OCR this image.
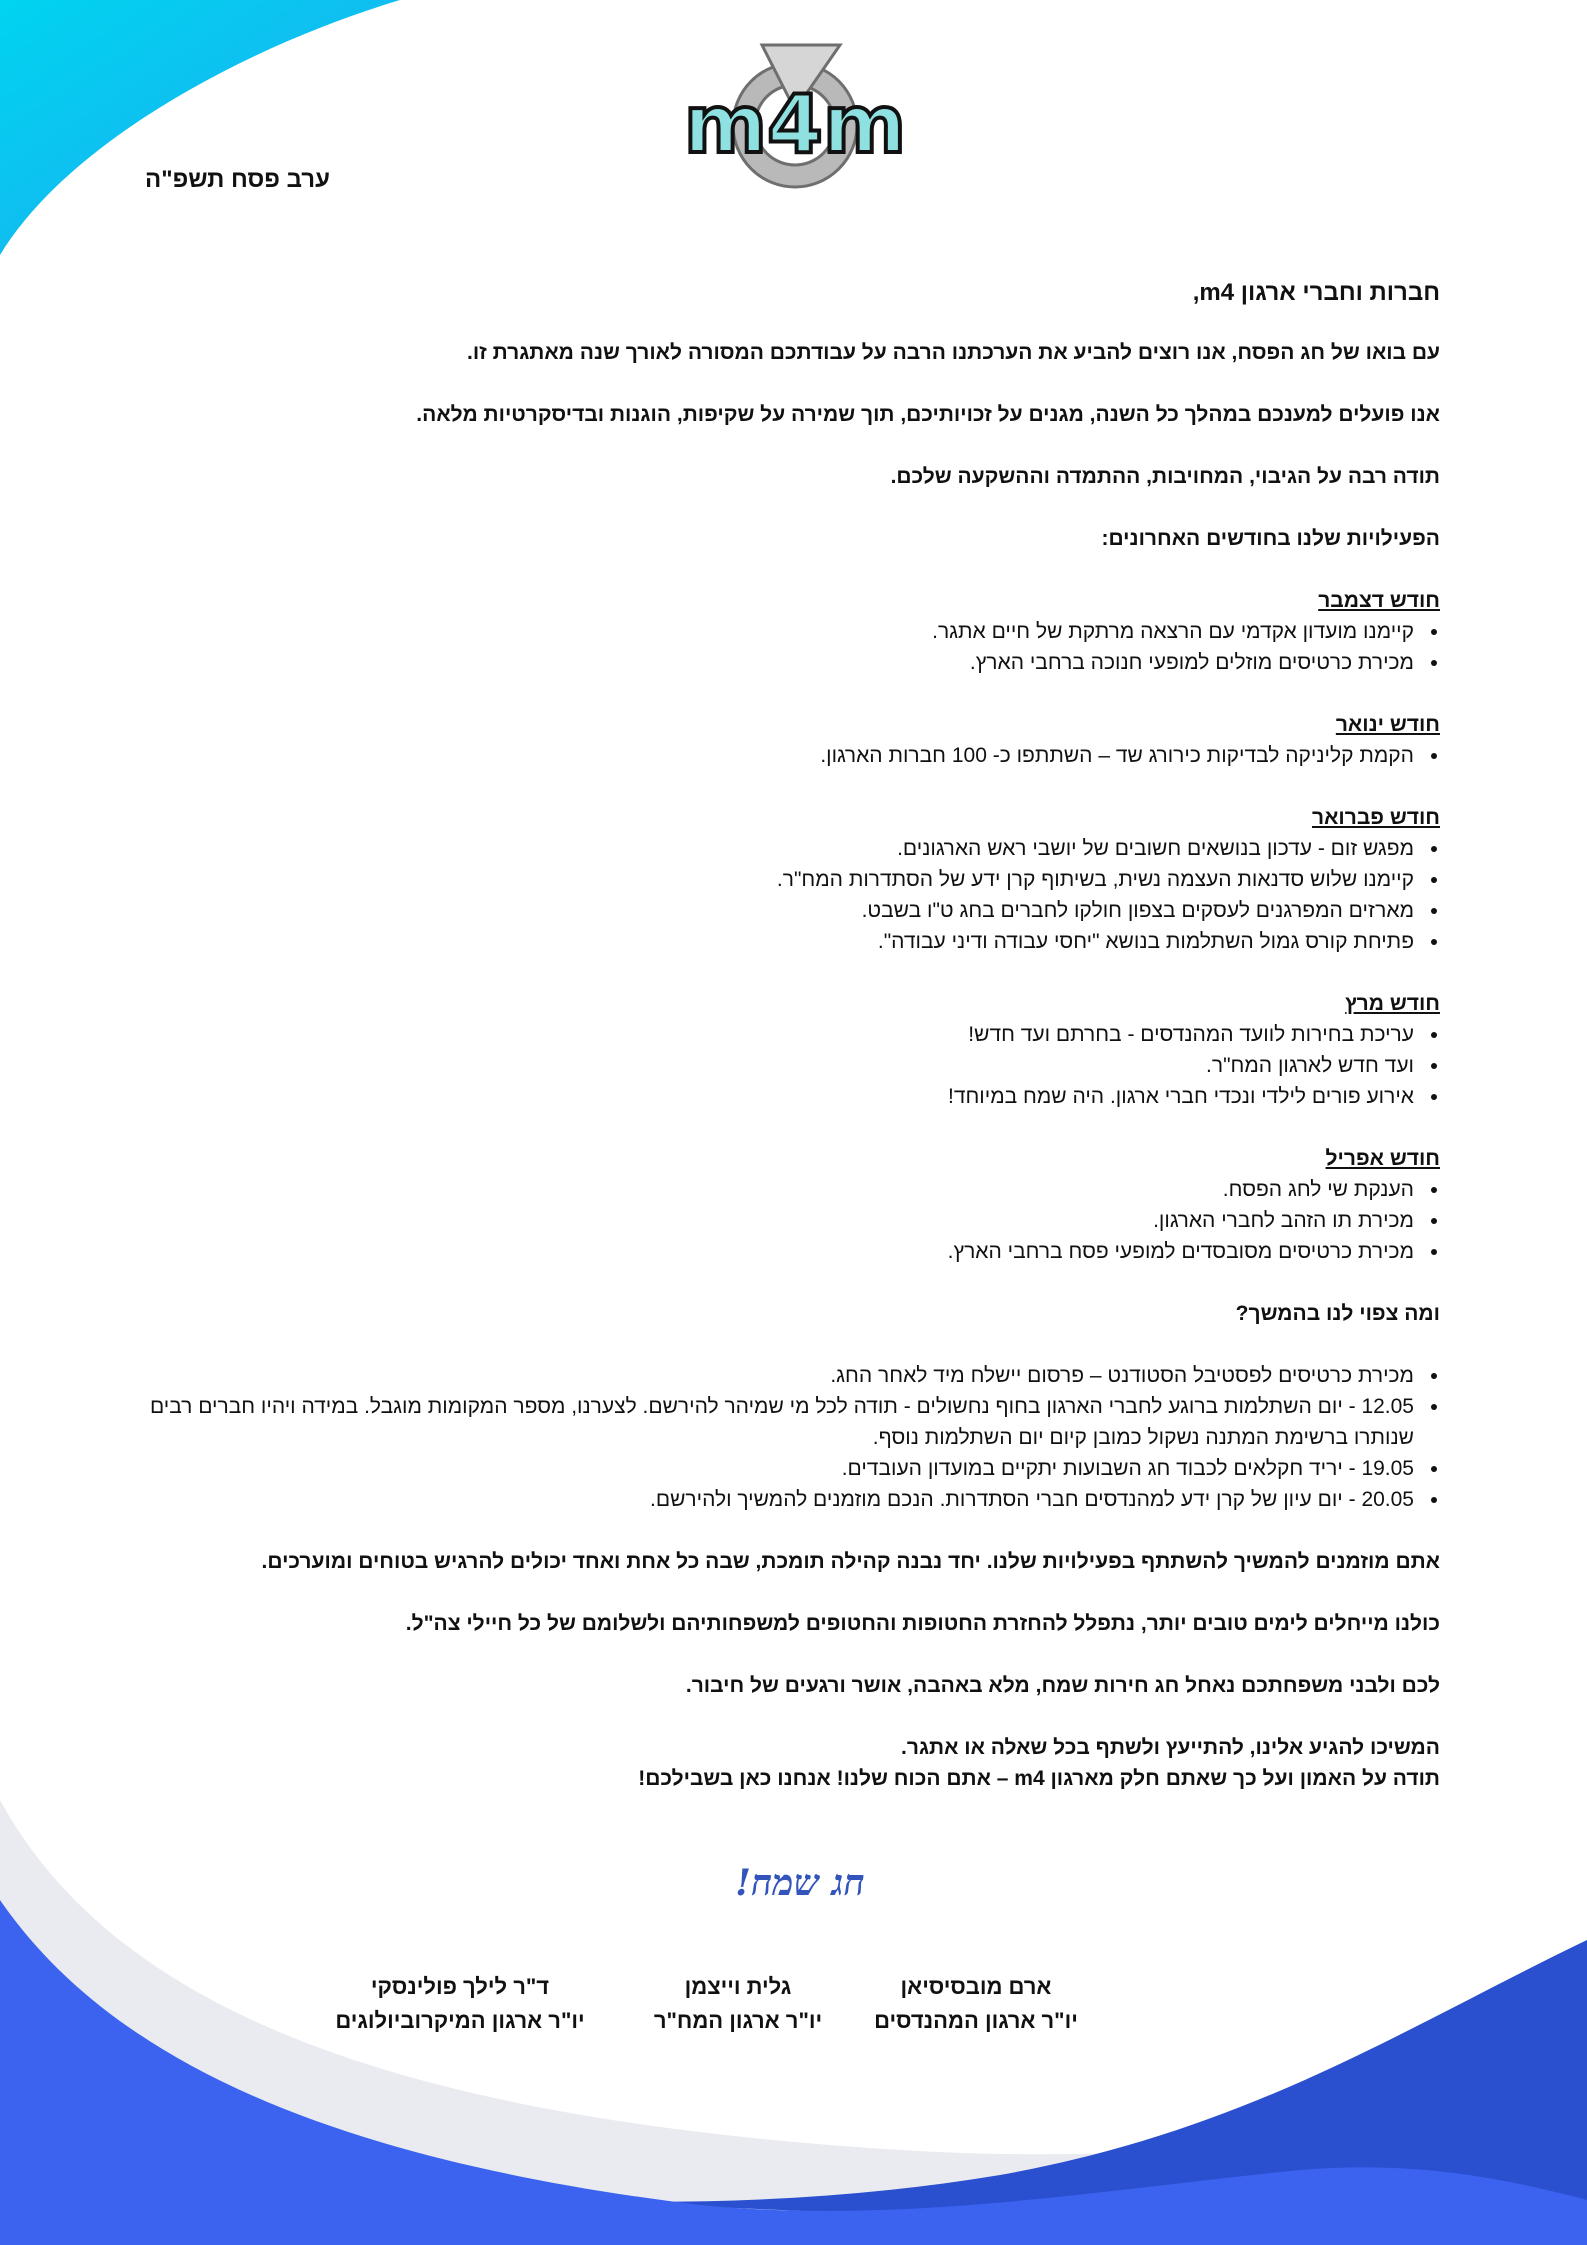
ערב פסח תשפ"ה
m4m

חברות וחברי ארגון m4,

עם בואו של חג הפסח, אנו רוצים להביע את הערכתנו הרבה על עבודתכם המסורה לאורך שנה מאתגרת זו.

אנו פועלים למענכם במהלך כל השנה, מגנים על זכויותיכם, תוך שמירה על שקיפות, הוגנות ובדיסקרטיות מלאה.

תודה רבה על הגיבוי, המחויבות, ההתמדה וההשקעה שלכם.

הפעילויות שלנו בחודשים האחרונים:

חודש דצמבר

• קיימנו מועדון אקדמי עם הרצאה מרתקת של חיים אתגר.
• מכירת כרטיסים מוזלים למופעי חנוכה ברחבי הארץ.

חודש ינואר

• הקמת קליניקה לבדיקות כירורג שד – השתתפו כ- 100 חברות הארגון.

חודש פברואר

• מפגש זום - עדכון בנושאים חשובים של יושבי ראש הארגונים.
• קיימנו שלוש סדנאות העצמה נשית, בשיתוף קרן ידע של הסתדרות המח"ר.
• מארזים המפרגנים לעסקים בצפון חולקו לחברים בחג ט"ו בשבט.
• פתיחת קורס גמול השתלמות בנושא "יחסי עבודה ודיני עבודה".

חודש מרץ

• עריכת בחירות לוועד המהנדסים - בחרתם ועד חדש!
• ועד חדש לארגון המח"ר.
• אירוע פורים לילדי ונכדי חברי ארגון. היה שמח במיוחד!

חודש אפריל

• הענקת שי לחג הפסח.
• מכירת תו הזהב לחברי הארגון.
• מכירת כרטיסים מסובסדים למופעי פסח ברחבי הארץ.

ומה צפוי לנו בהמשך?

• מכירת כרטיסים לפסטיבל הסטודנט – פרסום יישלח מיד לאחר החג.
• 12.05 - יום השתלמות ברוגע לחברי הארגון בחוף נחשולים - תודה לכל מי שמיהר להירשם. לצערנו, מספר המקומות מוגבל. במידה ויהיו חברים רבים שנותרו ברשימת המתנה נשקול כמובן קיום יום השתלמות נוסף.
• 19.05 - יריד חקלאים לכבוד חג השבועות יתקיים במועדון העובדים.
• 20.05 - יום עיון של קרן ידע למהנדסים חברי הסתדרות. הנכם מוזמנים להמשיך ולהירשם.

אתם מוזמנים להמשיך להשתתף בפעילויות שלנו. יחד נבנה קהילה תומכת, שבה כל אחת ואחד יכולים להרגיש בטוחים ומוערכים.

כולנו מייחלים לימים טובים יותר, נתפלל להחזרת החטופות והחטופים למשפחותיהם ולשלומם של כל חיילי צה"ל.

לכם ולבני משפחתכם נאחל חג חירות שמח, מלא באהבה, אושר ורגעים של חיבור.

המשיכו להגיע אלינו, להתייעץ ולשתף בכל שאלה או אתגר.

תודה על האמון ועל כך שאתם חלק מארגון m4 – אתם הכוח שלנו! אנחנו כאן בשבילכם!

חג שמח!
ארם מובסיסיאן
יו"ר ארגון המהנדסים
גלית וייצמן
יו"ר ארגון המח"ר
ד"ר לילך פולינסקי
יו"ר ארגון המיקרוביולוגים
